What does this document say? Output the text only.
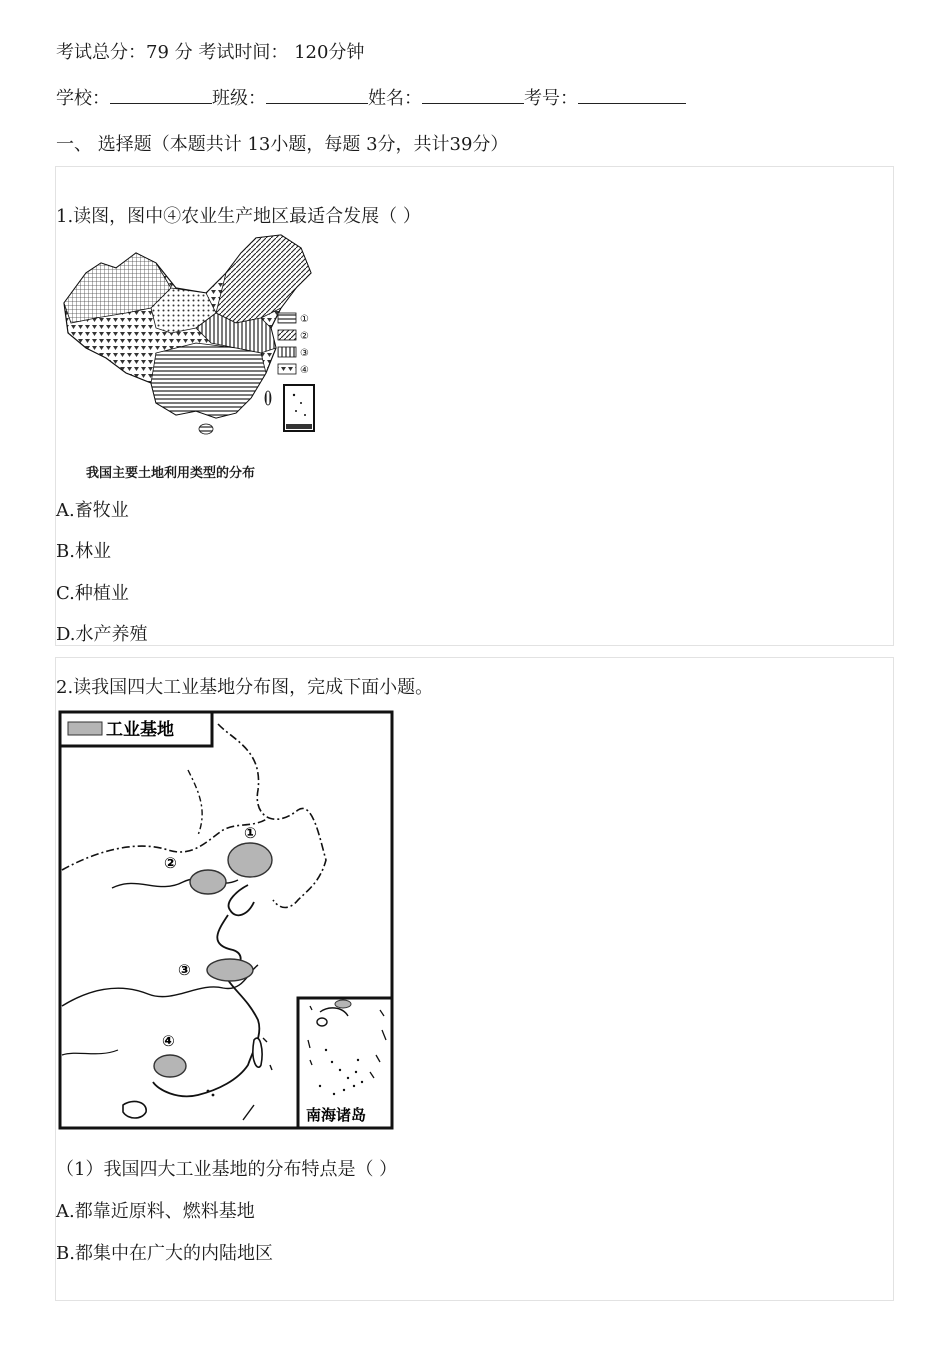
考试总分：79 分 考试时间： 120分钟
学校：	班级：	姓名：	考号：
一、 选择题（本题共计 13小题，每题 3分，共计39分）
1.读图，图中④农业生产地区最适合发展（ ）
①
②
③
④
我国主要土地利用类型的分布
A.畜牧业
B.林业
C.种植业
D.水产养殖
2.读我国四大工业基地分布图，完成下面小题。
工业基地
①
②
③
④
南海诸岛
（1）我国四大工业基地的分布特点是（ ）
A.都靠近原料、燃料基地
B.都集中在广大的内陆地区
